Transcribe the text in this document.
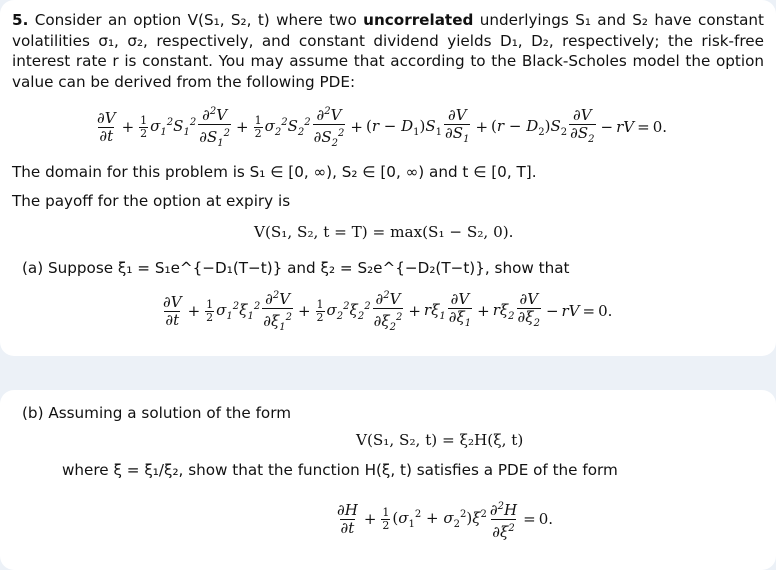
5. Consider an option V(S₁, S₂, t) where two uncorrelated underlyings S₁ and S₂ have constant volatilities σ₁, σ₂, respectively, and constant dividend yields D₁, D₂, respectively; the risk-free interest rate r is constant. You may assume that according to the Black-Scholes model the option value can be derived from the following PDE:
$\frac{\partial V}{\partial t} + \frac{1}{2} \sigma_1^2S_1^2 \frac{\partial^2V}{\partial S_1^2} + \frac{1}{2} \sigma_2^2S_2^2 \frac{\partial^2V}{\partial S_2^2} + (r - D_1)S_1 \frac{\partial V}{\partial S_1} + (r - D_2)S_2 \frac{\partial V}{\partial S_2}$ − rV = 0.
The domain for this problem is S₁ ∈ [0, ∞), S₂ ∈ [0, ∞) and t ∈ [0, T].
The payoff for the option at expiry is
V(S₁, S₂, t = T) = max(S₁ − S₂, 0).
(a) Suppose ξ₁ = S₁e^{−D₁(T−t)} and ξ₂ = S₂e^{−D₂(T−t)}, show that
$\frac{\partial V}{\partial t} + \frac{1}{2} \sigma_1^2\xi_1^2 \frac{\partial^2V}{\partial\xi_1^2} + \frac{1}{2} \sigma_2^2\xi_2^2 \frac{\partial^2V}{\partial\xi_2^2} + r\xi_1 \frac{\partial V}{\partial\xi_1} + r\xi_2 \frac{\partial V}{\partial\xi_2}$ − rV = 0.
(b) Assuming a solution of the form
V(S₁, S₂, t) = ξ₂H(ξ, t)
where ξ = ξ₁/ξ₂, show that the function H(ξ, t) satisfies a PDE of the form
$\frac{\partial H}{\partial t} + \frac{1}{2} (\sigma_1^2 + \sigma_2^2)\xi^2 \frac{\partial^2H}{\partial\xi^2} = 0$.
